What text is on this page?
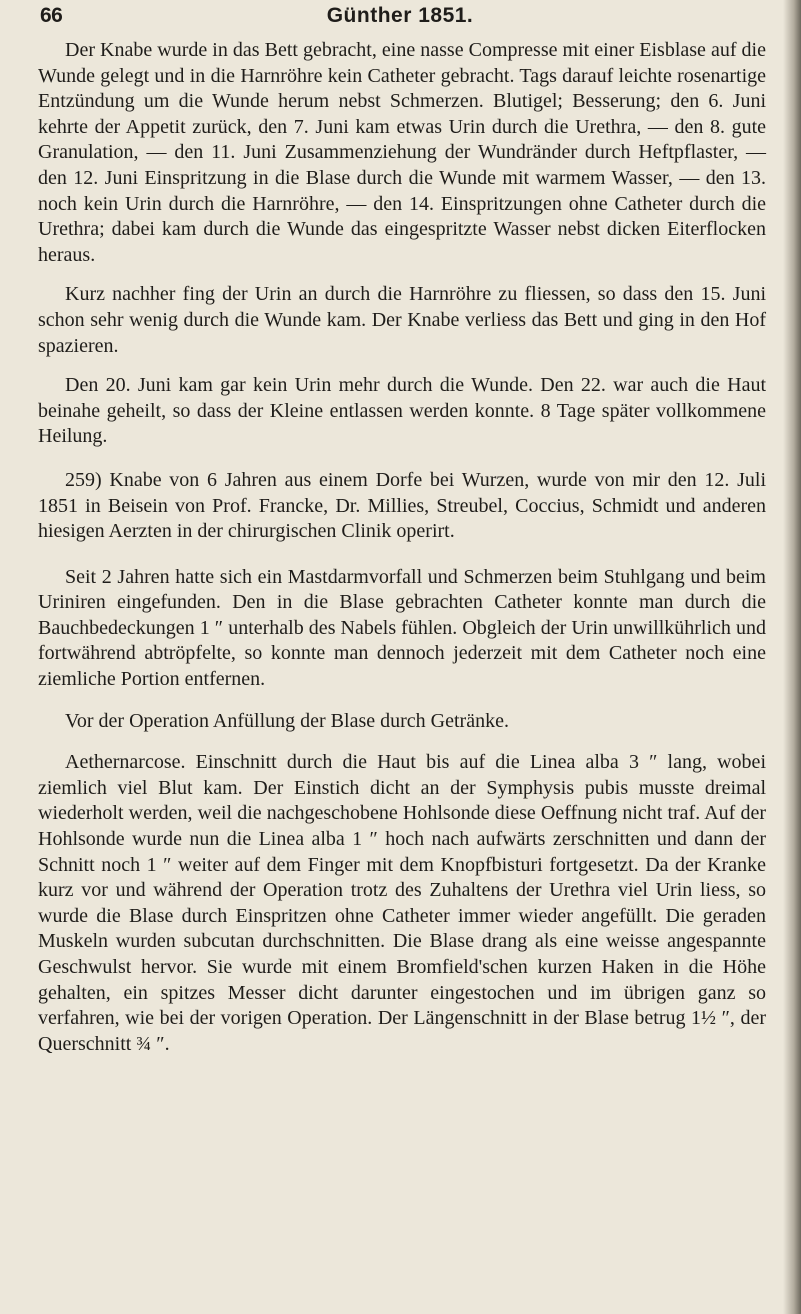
66	Günther 1851.

Der Knabe wurde in das Bett gebracht, eine nasse Compresse mit einer Eisblase auf die Wunde gelegt und in die Harnröhre kein Catheter gebracht. Tags darauf leichte rosenartige Entzündung um die Wunde herum nebst Schmerzen. Blutigel; Besserung; den 6. Juni kehrte der Appetit zurück, den 7. Juni kam etwas Urin durch die Urethra, — den 8. gute Granulation, — den 11. Juni Zusammenziehung der Wundränder durch Heftpflaster, — den 12. Juni Einspritzung in die Blase durch die Wunde mit warmem Wasser, — den 13. noch kein Urin durch die Harnröhre, — den 14. Einspritzungen ohne Catheter durch die Urethra; dabei kam durch die Wunde das eingespritzte Wasser nebst dicken Eiterflocken heraus.

Kurz nachher fing der Urin an durch die Harnröhre zu fliessen, so dass den 15. Juni schon sehr wenig durch die Wunde kam. Der Knabe verliess das Bett und ging in den Hof spazieren.

Den 20. Juni kam gar kein Urin mehr durch die Wunde. Den 22. war auch die Haut beinahe geheilt, so dass der Kleine entlassen werden konnte. 8 Tage später vollkommene Heilung.

259) Knabe von 6 Jahren aus einem Dorfe bei Wurzen, wurde von mir den 12. Juli 1851 in Beisein von Prof. Francke, Dr. Millies, Streubel, Coccius, Schmidt und anderen hiesigen Aerzten in der chirurgischen Clinik operirt.

Seit 2 Jahren hatte sich ein Mastdarmvorfall und Schmerzen beim Stuhlgang und beim Uriniren eingefunden. Den in die Blase gebrachten Catheter konnte man durch die Bauchbedeckungen 1 ″ unterhalb des Nabels fühlen. Obgleich der Urin unwillkührlich und fortwährend abtröpfelte, so konnte man dennoch jederzeit mit dem Catheter noch eine ziemliche Portion entfernen.

Vor der Operation Anfüllung der Blase durch Getränke.

Aethernarcose. Einschnitt durch die Haut bis auf die Linea alba 3 ″ lang, wobei ziemlich viel Blut kam. Der Einstich dicht an der Symphysis pubis musste dreimal wiederholt werden, weil die nachgeschobene Hohlsonde diese Oeffnung nicht traf. Auf der Hohlsonde wurde nun die Linea alba 1 ″ hoch nach aufwärts zerschnitten und dann der Schnitt noch 1 ″ weiter auf dem Finger mit dem Knopfbisturi fortgesetzt. Da der Kranke kurz vor und während der Operation trotz des Zuhaltens der Urethra viel Urin liess, so wurde die Blase durch Einspritzen ohne Catheter immer wieder angefüllt. Die geraden Muskeln wurden subcutan durchschnitten. Die Blase drang als eine weisse angespannte Geschwulst hervor. Sie wurde mit einem Bromfield'schen kurzen Haken in die Höhe gehalten, ein spitzes Messer dicht darunter eingestochen und im übrigen ganz so verfahren, wie bei der vorigen Operation. Der Längenschnitt in der Blase betrug 1½ ″, der Querschnitt ¾ ″.
